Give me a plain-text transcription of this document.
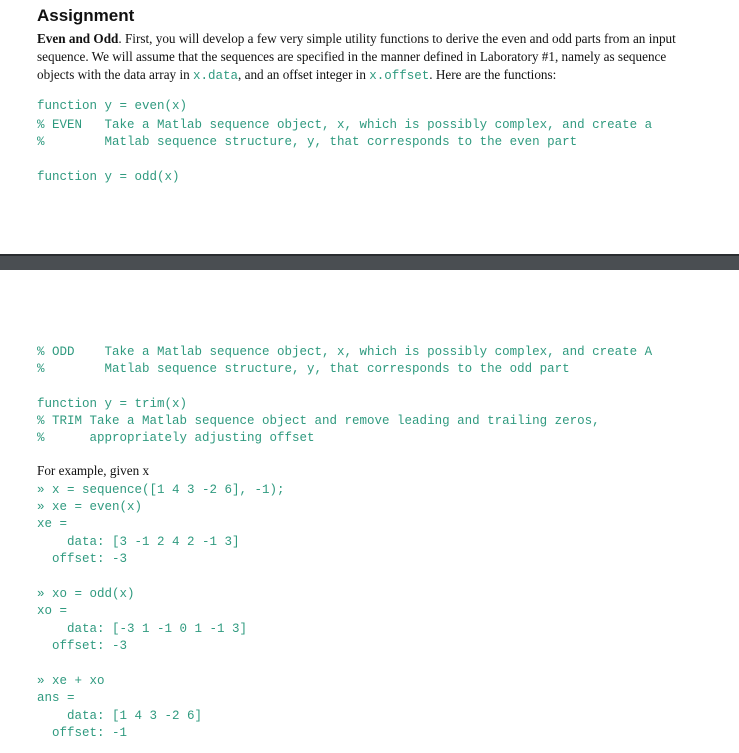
Assignment

Even and Odd. First, you will develop a few very simple utility functions to derive the even and odd parts from an input sequence. We will assume that the sequences are specified in the manner defined in Laboratory #1, namely as sequence objects with the data array in x.data, and an offset integer in x.offset. Here are the functions:

function y = even(x)
% EVEN   Take a Matlab sequence object, x, which is possibly complex, and create a
%        Matlab sequence structure, y, that corresponds to the even part
function y = odd(x)
% ODD    Take a Matlab sequence object, x, which is possibly complex, and create A
%        Matlab sequence structure, y, that corresponds to the odd part
function y = trim(x)
% TRIM Take a Matlab sequence object and remove leading and trailing zeros,
%      appropriately adjusting offset

For example, given x

» x = sequence([1 4 3 -2 6], -1);
» xe = even(x)
xe =
data: [3 -1 2 4 2 -1 3]
offset: -3
» xo = odd(x)
xo =
data: [-3 1 -1 0 1 -1 3]
offset: -3
» xe + xo
ans =
data: [1 4 3 -2 6]
offset: -1
